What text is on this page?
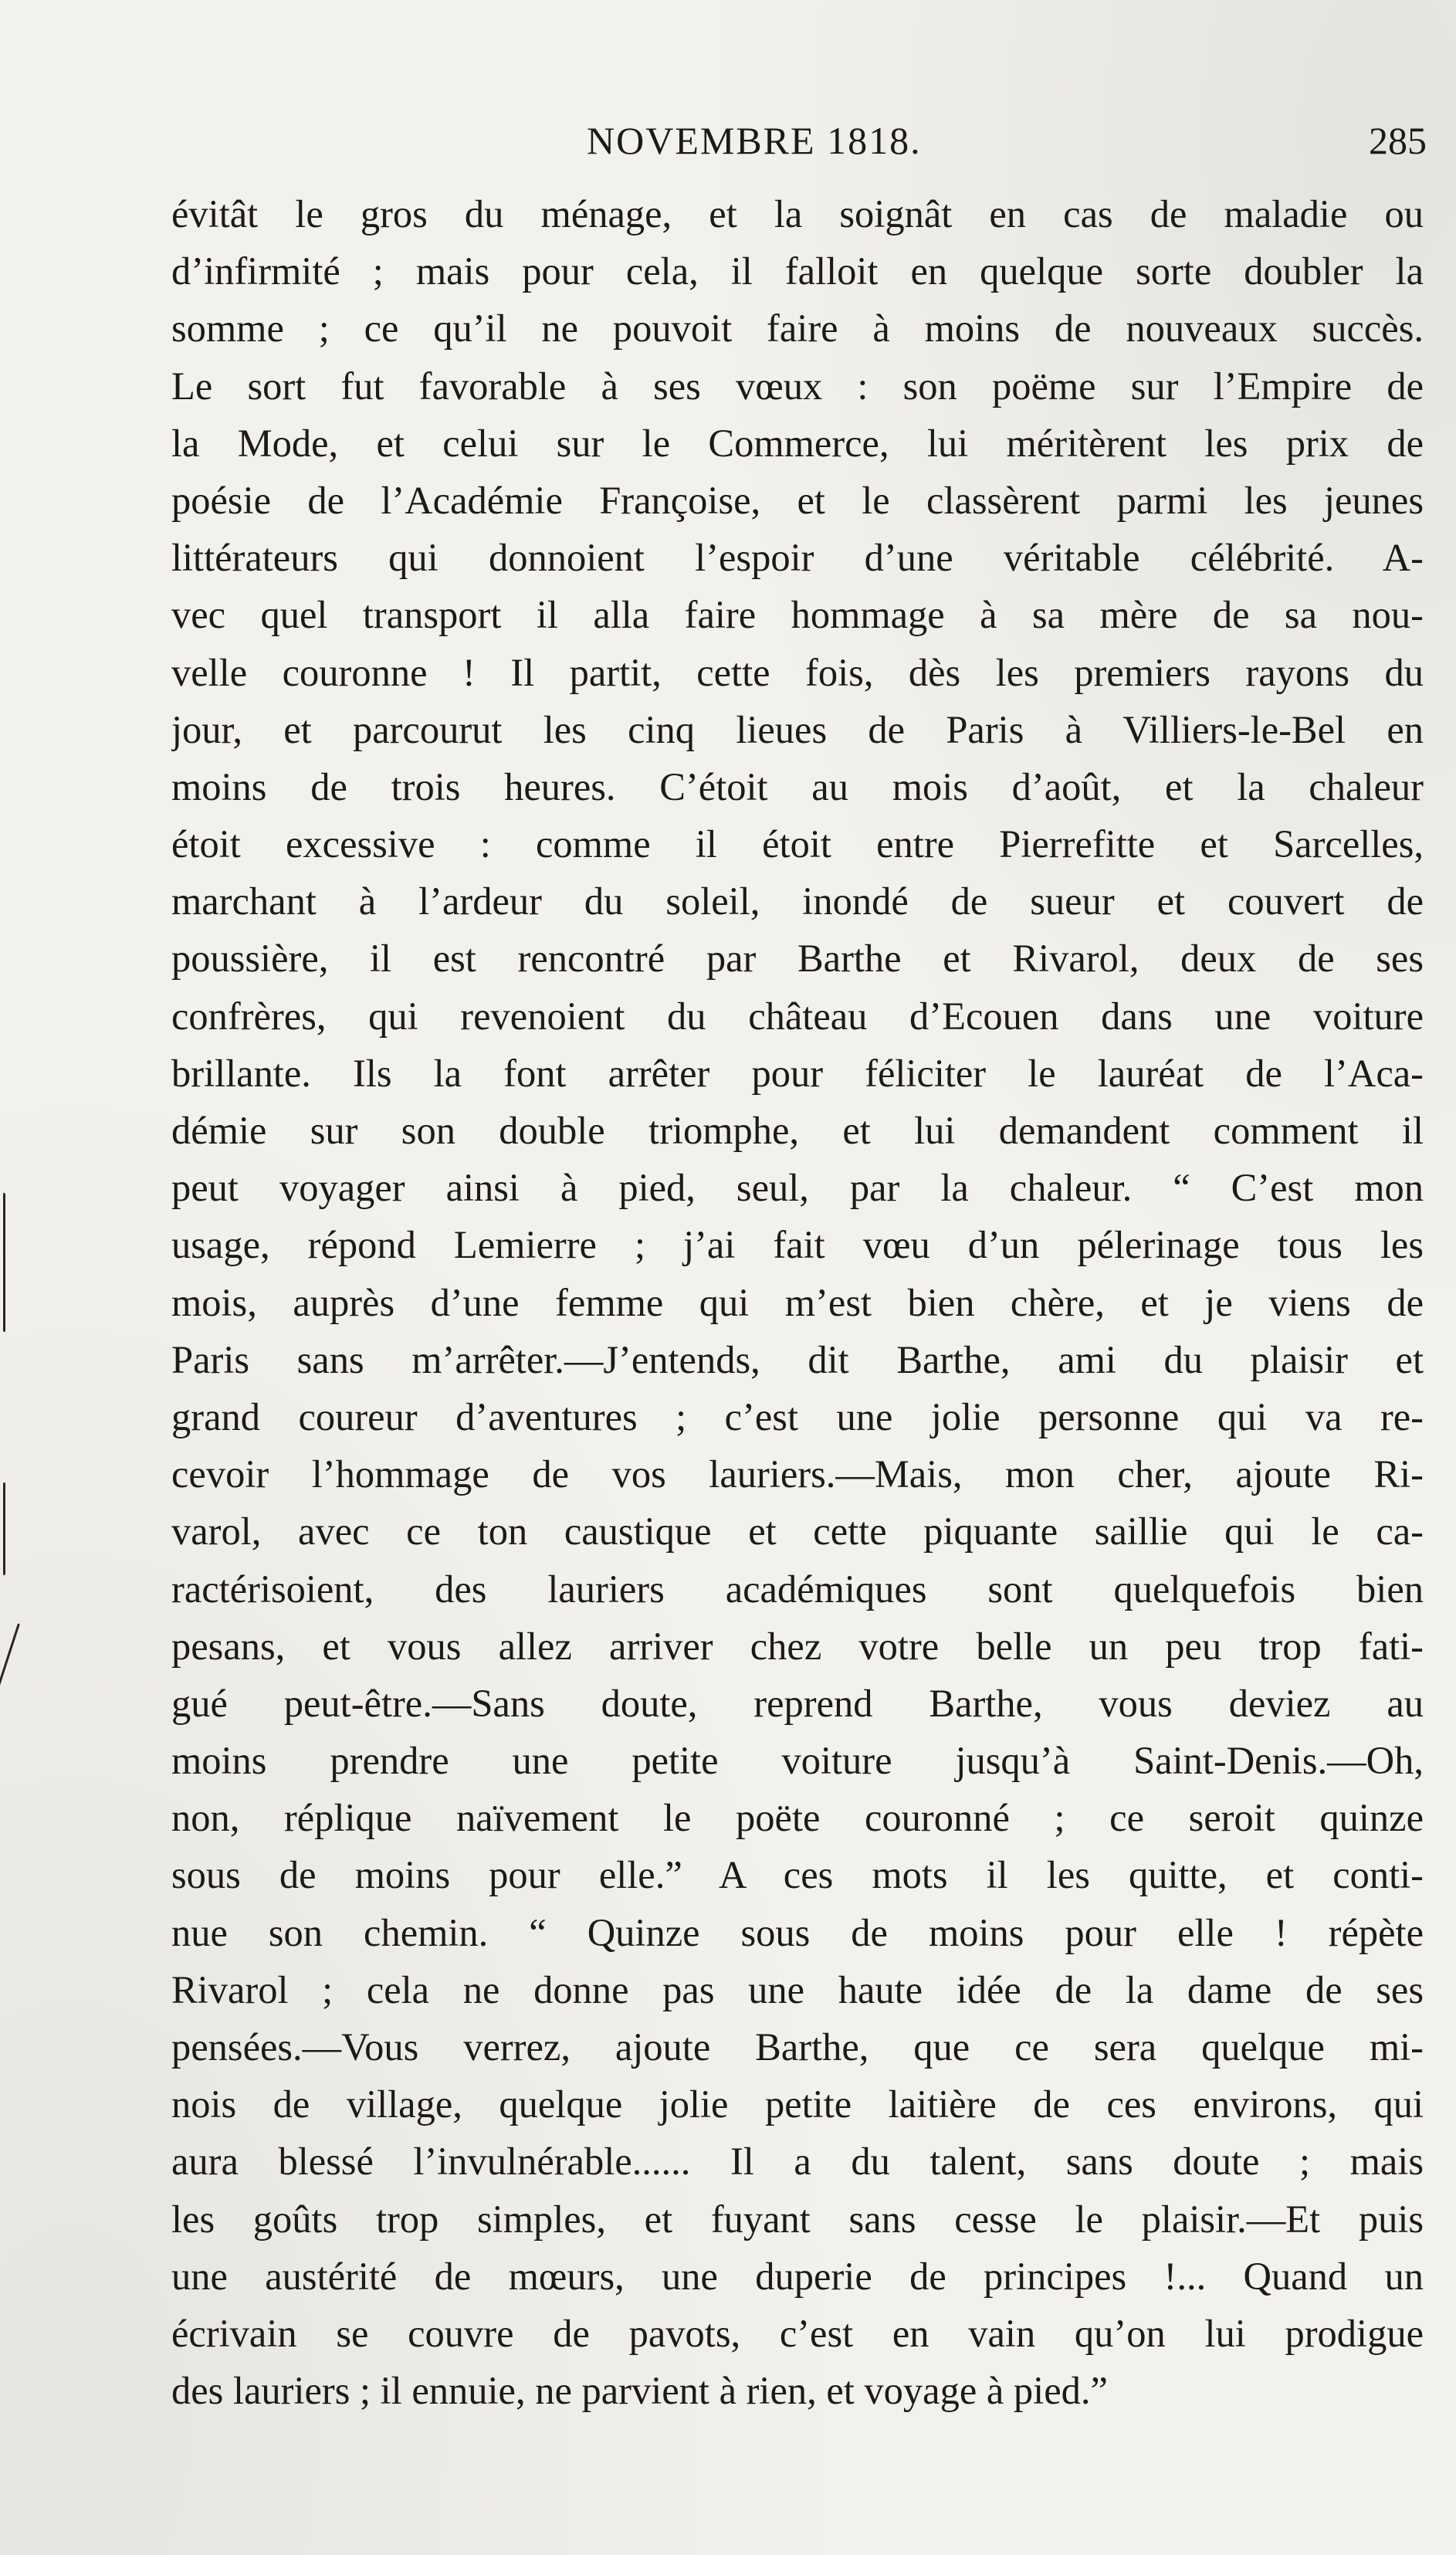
NOVEMBRE 1818.	285
évitât le gros du ménage, et la soignât en cas de maladie ou
d’infirmité ; mais pour cela, il falloit en quelque sorte doubler la
somme ; ce qu’il ne pouvoit faire à moins de nouveaux succès.
Le sort fut favorable à ses vœux : son poëme sur l’Empire de
la Mode, et celui sur le Commerce, lui méritèrent les prix de
poésie de l’Académie Françoise, et le classèrent parmi les jeunes
littérateurs qui donnoient l’espoir d’une véritable célébrité. A-
vec quel transport il alla faire hommage à sa mère de sa nou-
velle couronne ! Il partit, cette fois, dès les premiers rayons du
jour, et parcourut les cinq lieues de Paris à Villiers-le-Bel en
moins de trois heures. C’étoit au mois d’août, et la chaleur
étoit excessive : comme il étoit entre Pierrefitte et Sarcelles,
marchant à l’ardeur du soleil, inondé de sueur et couvert de
poussière, il est rencontré par Barthe et Rivarol, deux de ses
confrères, qui revenoient du château d’Ecouen dans une voiture
brillante. Ils la font arrêter pour féliciter le lauréat de l’Aca-
démie sur son double triomphe, et lui demandent comment il
peut voyager ainsi à pied, seul, par la chaleur. “ C’est mon
usage, répond Lemierre ; j’ai fait vœu d’un pélerinage tous les
mois, auprès d’une femme qui m’est bien chère, et je viens de
Paris sans m’arrêter.—J’entends, dit Barthe, ami du plaisir et
grand coureur d’aventures ; c’est une jolie personne qui va re-
cevoir l’hommage de vos lauriers.—Mais, mon cher, ajoute Ri-
varol, avec ce ton caustique et cette piquante saillie qui le ca-
ractérisoient, des lauriers académiques sont quelquefois bien
pesans, et vous allez arriver chez votre belle un peu trop fati-
gué peut-être.—Sans doute, reprend Barthe, vous deviez au
moins prendre une petite voiture jusqu’à Saint-Denis.—Oh,
non, réplique naïvement le poëte couronné ; ce seroit quinze
sous de moins pour elle.” A ces mots il les quitte, et conti-
nue son chemin. “ Quinze sous de moins pour elle ! répète
Rivarol ; cela ne donne pas une haute idée de la dame de ses
pensées.—Vous verrez, ajoute Barthe, que ce sera quelque mi-
nois de village, quelque jolie petite laitière de ces environs, qui
aura blessé l’invulnérable...... Il a du talent, sans doute ; mais
les goûts trop simples, et fuyant sans cesse le plaisir.—Et puis
une austérité de mœurs, une duperie de principes !... Quand un
écrivain se couvre de pavots, c’est en vain qu’on lui prodigue
des lauriers ; il ennuie, ne parvient à rien, et voyage à pied.”
